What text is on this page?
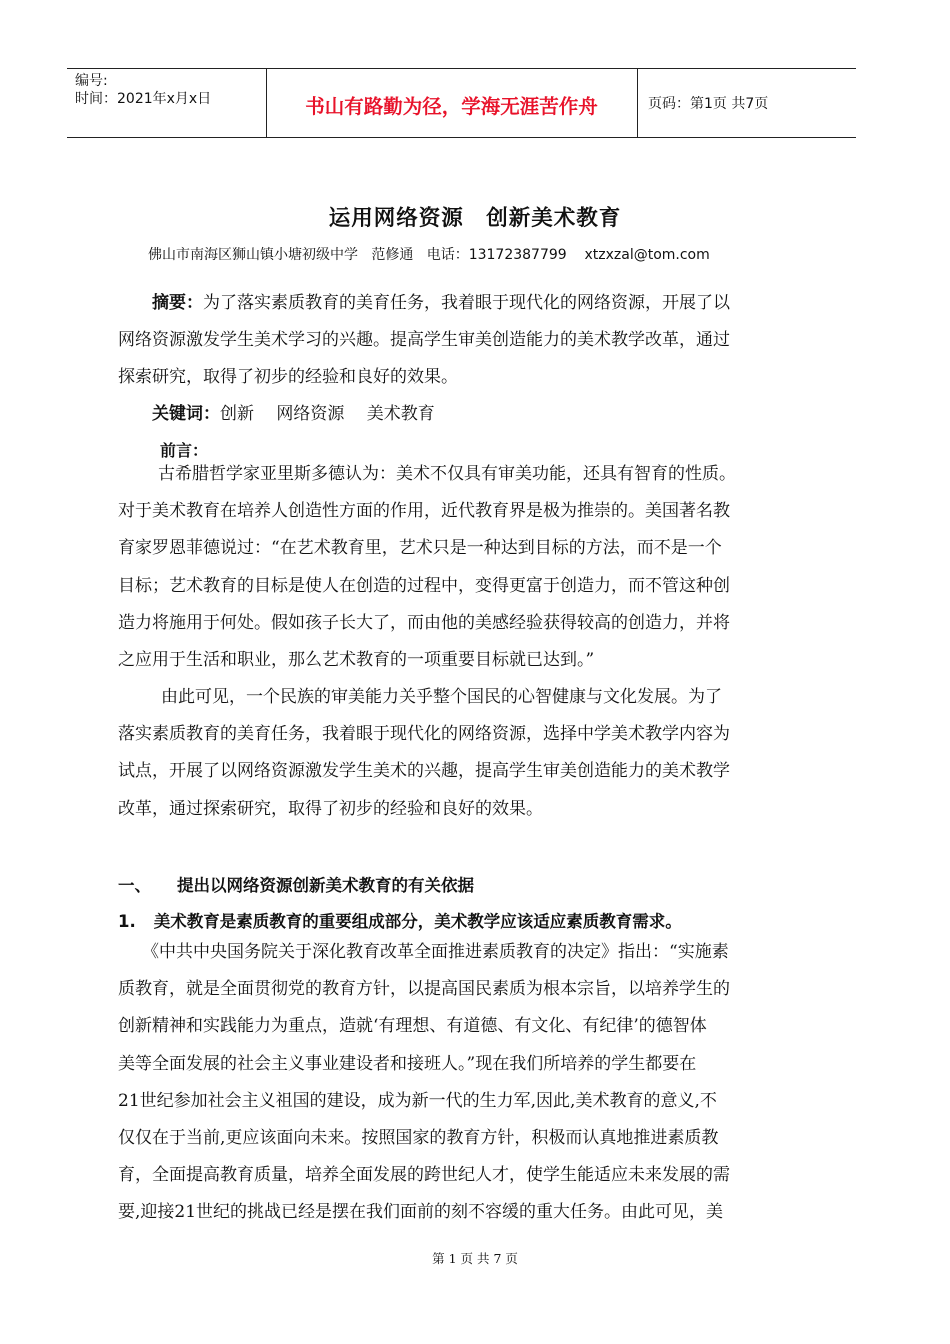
编号:
时间：2021年x月x日	书山有路勤为径，学海无涯苦作舟	页码：第1页 共7页
运用网络资源　创新美术教育
佛山市南海区狮山镇小塘初级中学   范修通   电话：13172387799    xtzxzal@tom.com
摘要：为了落实素质教育的美育任务，我着眼于现代化的网络资源，开展了以
网络资源激发学生美术学习的兴趣。提高学生审美创造能力的美术教学改革，通过
探索研究，取得了初步的经验和良好的效果。
关键词：创新　 网络资源　 美术教育
前言：
古希腊哲学家亚里斯多德认为：美术不仅具有审美功能，还具有智育的性质。
对于美术教育在培养人创造性方面的作用，近代教育界是极为推崇的。美国著名教
育家罗恩菲德说过：“在艺术教育里，艺术只是一种达到目标的方法，而不是一个
目标；艺术教育的目标是使人在创造的过程中，变得更富于创造力，而不管这种创
造力将施用于何处。假如孩子长大了，而由他的美感经验获得较高的创造力，并将
之应用于生活和职业，那么艺术教育的一项重要目标就已达到。”
由此可见，一个民族的审美能力关乎整个国民的心智健康与文化发展。为了
落实素质教育的美育任务，我着眼于现代化的网络资源，选择中学美术教学内容为
试点，开展了以网络资源激发学生美术的兴趣，提高学生审美创造能力的美术教学
改革，通过探索研究，取得了初步的经验和良好的效果。
一、 提出以网络资源创新美术教育的有关依据
1. 美术教育是素质教育的重要组成部分，美术教学应该适应素质教育需求。
《中共中央国务院关于深化教育改革全面推进素质教育的决定》指出：“实施素
质教育，就是全面贯彻党的教育方针，以提高国民素质为根本宗旨，以培养学生的
创新精神和实践能力为重点，造就‘有理想、有道德、有文化、有纪律’的德智体
美等全面发展的社会主义事业建设者和接班人。”现在我们所培养的学生都要在
21世纪参加社会主义祖国的建设，成为新一代的生力军,因此,美术教育的意义,不
仅仅在于当前,更应该面向未来。按照国家的教育方针，积极而认真地推进素质教
育，全面提高教育质量，培养全面发展的跨世纪人才，使学生能适应未来发展的需
要,迎接21世纪的挑战已经是摆在我们面前的刻不容缓的重大任务。由此可见，美
第 1 页 共 7 页
